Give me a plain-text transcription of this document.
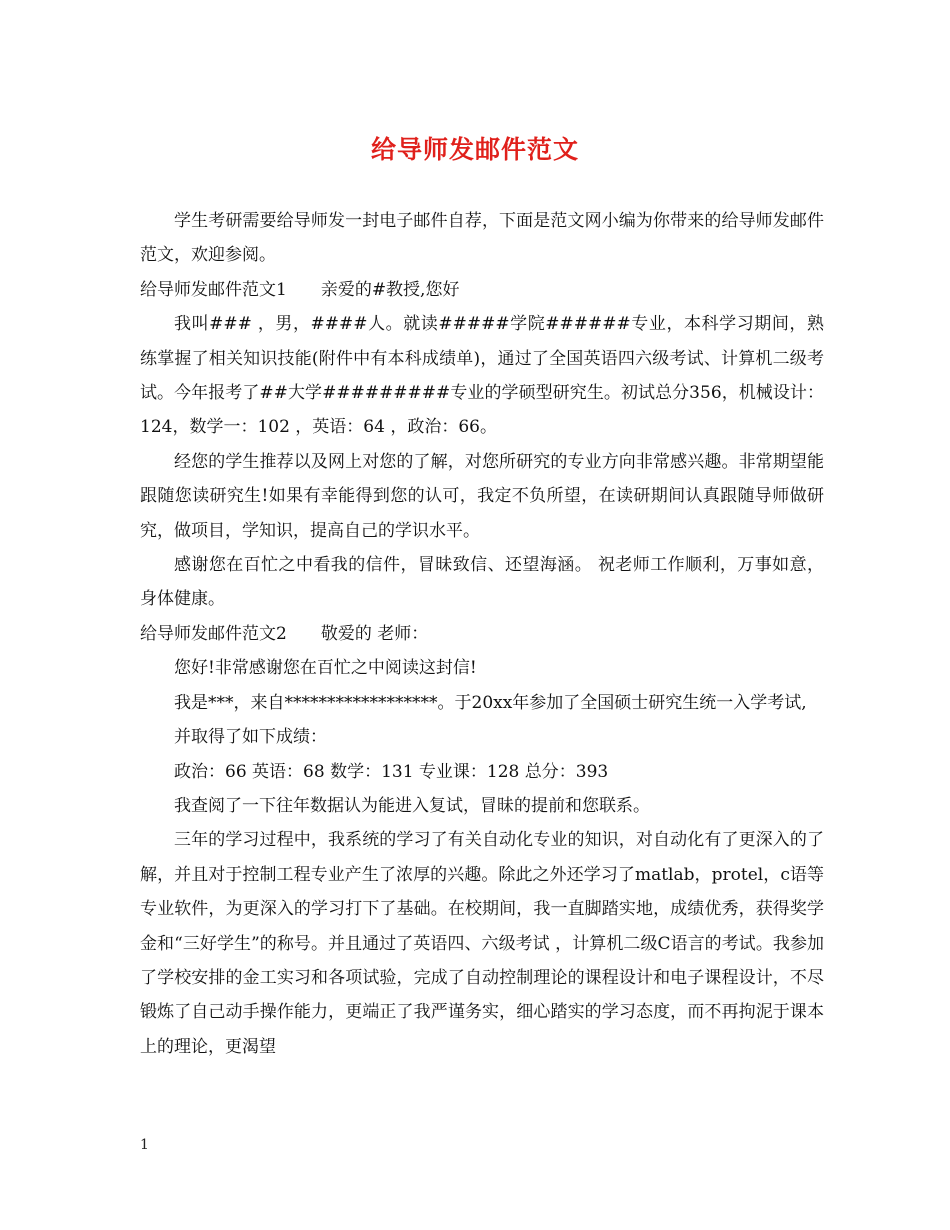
给导师发邮件范文

学生考研需要给导师发一封电子邮件自荐，下面是范文网小编为你带来的给导师发邮件范文，欢迎参阅。

给导师发邮件范文1　　亲爱的#教授,您好

我叫### ，男，####人。就读#####学院######专业，本科学习期间，熟练掌握了相关知识技能(附件中有本科成绩单)，通过了全国英语四六级考试、计算机二级考试。今年报考了##大学#########专业的学硕型研究生。初试总分356，机械设计：124，数学一：102 ，英语：64 ，政治：66。

经您的学生推荐以及网上对您的了解，对您所研究的专业方向非常感兴趣。非常期望能跟随您读研究生!如果有幸能得到您的认可，我定不负所望，在读研期间认真跟随导师做研究，做项目，学知识，提高自己的学识水平。

感谢您在百忙之中看我的信件，冒昧致信、还望海涵。 祝老师工作顺利，万事如意，身体健康。

给导师发邮件范文2　　敬爱的 老师：

您好!非常感谢您在百忙之中阅读这封信!

我是***，来自******************。于20xx年参加了全国硕士研究生统一入学考试,

并取得了如下成绩：

政治：66 英语：68 数学：131 专业课：128 总分：393

我查阅了一下往年数据认为能进入复试，冒昧的提前和您联系。

三年的学习过程中，我系统的学习了有关自动化专业的知识，对自动化有了更深入的了解，并且对于控制工程专业产生了浓厚的兴趣。除此之外还学习了matlab，protel，c语等专业软件，为更深入的学习打下了基础。在校期间，我一直脚踏实地，成绩优秀，获得奖学金和“三好学生”的称号。并且通过了英语四、六级考试 ，计算机二级C语言的考试。我参加了学校安排的金工实习和各项试验，完成了自动控制理论的课程设计和电子课程设计，不尽锻炼了自己动手操作能力，更端正了我严谨务实，细心踏实的学习态度，而不再拘泥于课本上的理论，更渴望

1
